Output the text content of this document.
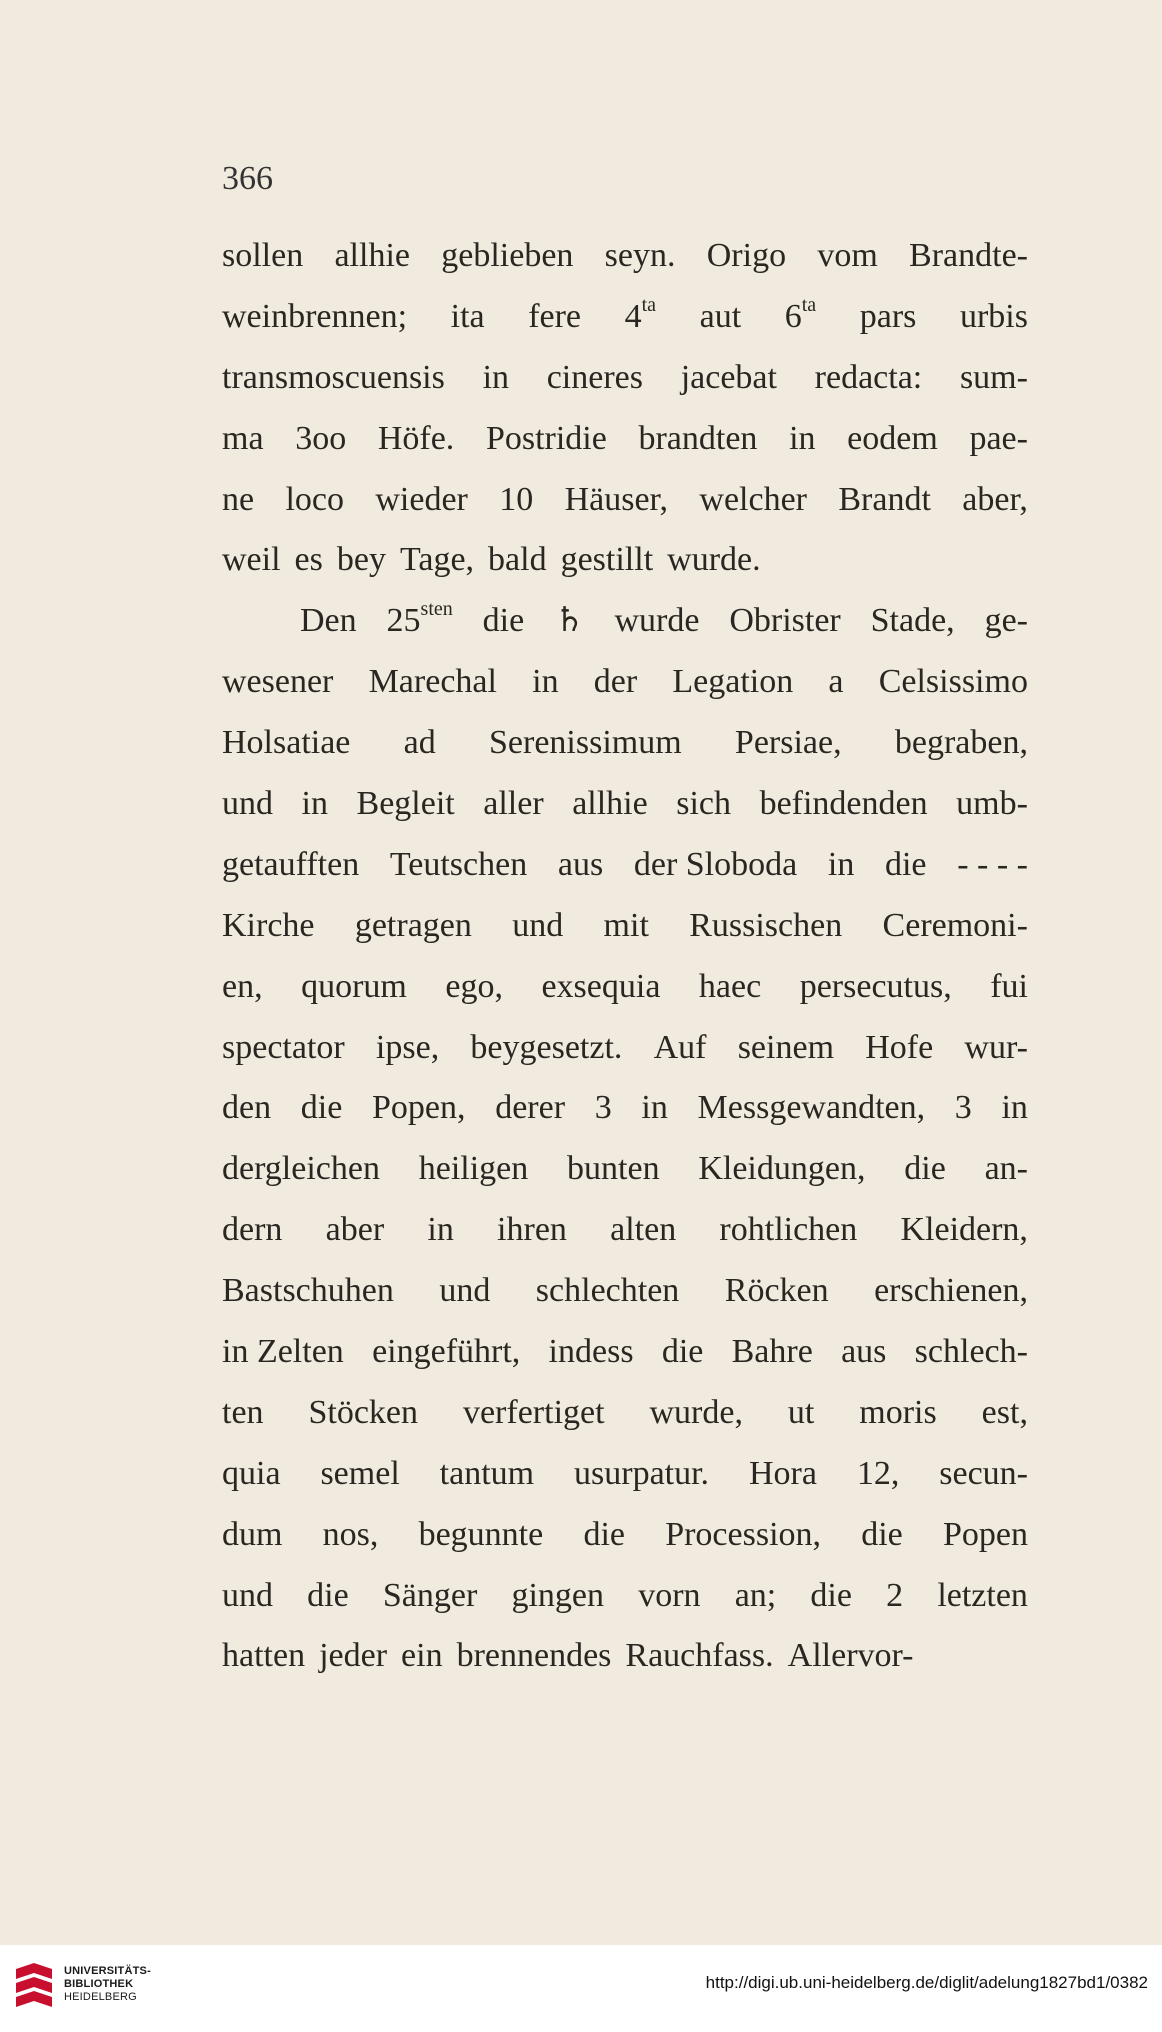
366
sollen allhie geblieben seyn. Origo vom Brandte-
weinbrennen; ita fere $4^{ta}$ aut $6^{ta}$ pars urbis
transmoscuensis in cineres jacebat redacta: sum-
ma 3oo Höfe. Postridie brandten in eodem pae-
ne loco wieder 10 Häuser, welcher Brandt aber,
weil es bey Tage, bald gestillt wurde.
Den $25^{sten}$ die ♄ wurde Obrister Stade, ge-
wesener Marechal in der Legation a Celsissimo
Holsatiae ad Serenissimum Persiae, begraben,
und in Begleit aller allhie sich befindenden umb-
getaufften Teutschen aus der Sloboda in die - - - -
Kirche getragen und mit Russischen Ceremoni-
en, quorum ego, exsequia haec persecutus, fui
spectator ipse, beygesetzt. Auf seinem Hofe wur-
den die Popen, derer 3 in Messgewandten, 3 in
dergleichen heiligen bunten Kleidungen, die an-
dern aber in ihren alten rohtlichen Kleidern,
Bastschuhen und schlechten Röcken erschienen,
in Zelten eingeführt, indess die Bahre aus schlech-
ten Stöcken verfertiget wurde, ut moris est,
quia semel tantum usurpatur. Hora 12, secun-
dum nos, begunnte die Procession, die Popen
und die Sänger gingen vorn an; die 2 letzten
hatten jeder ein brennendes Rauchfass. Allervor-
UNIVERSITÄTS-
BIBLIOTHEK
HEIDELBERG
http://digi.ub.uni-heidelberg.de/diglit/adelung1827bd1/0382
